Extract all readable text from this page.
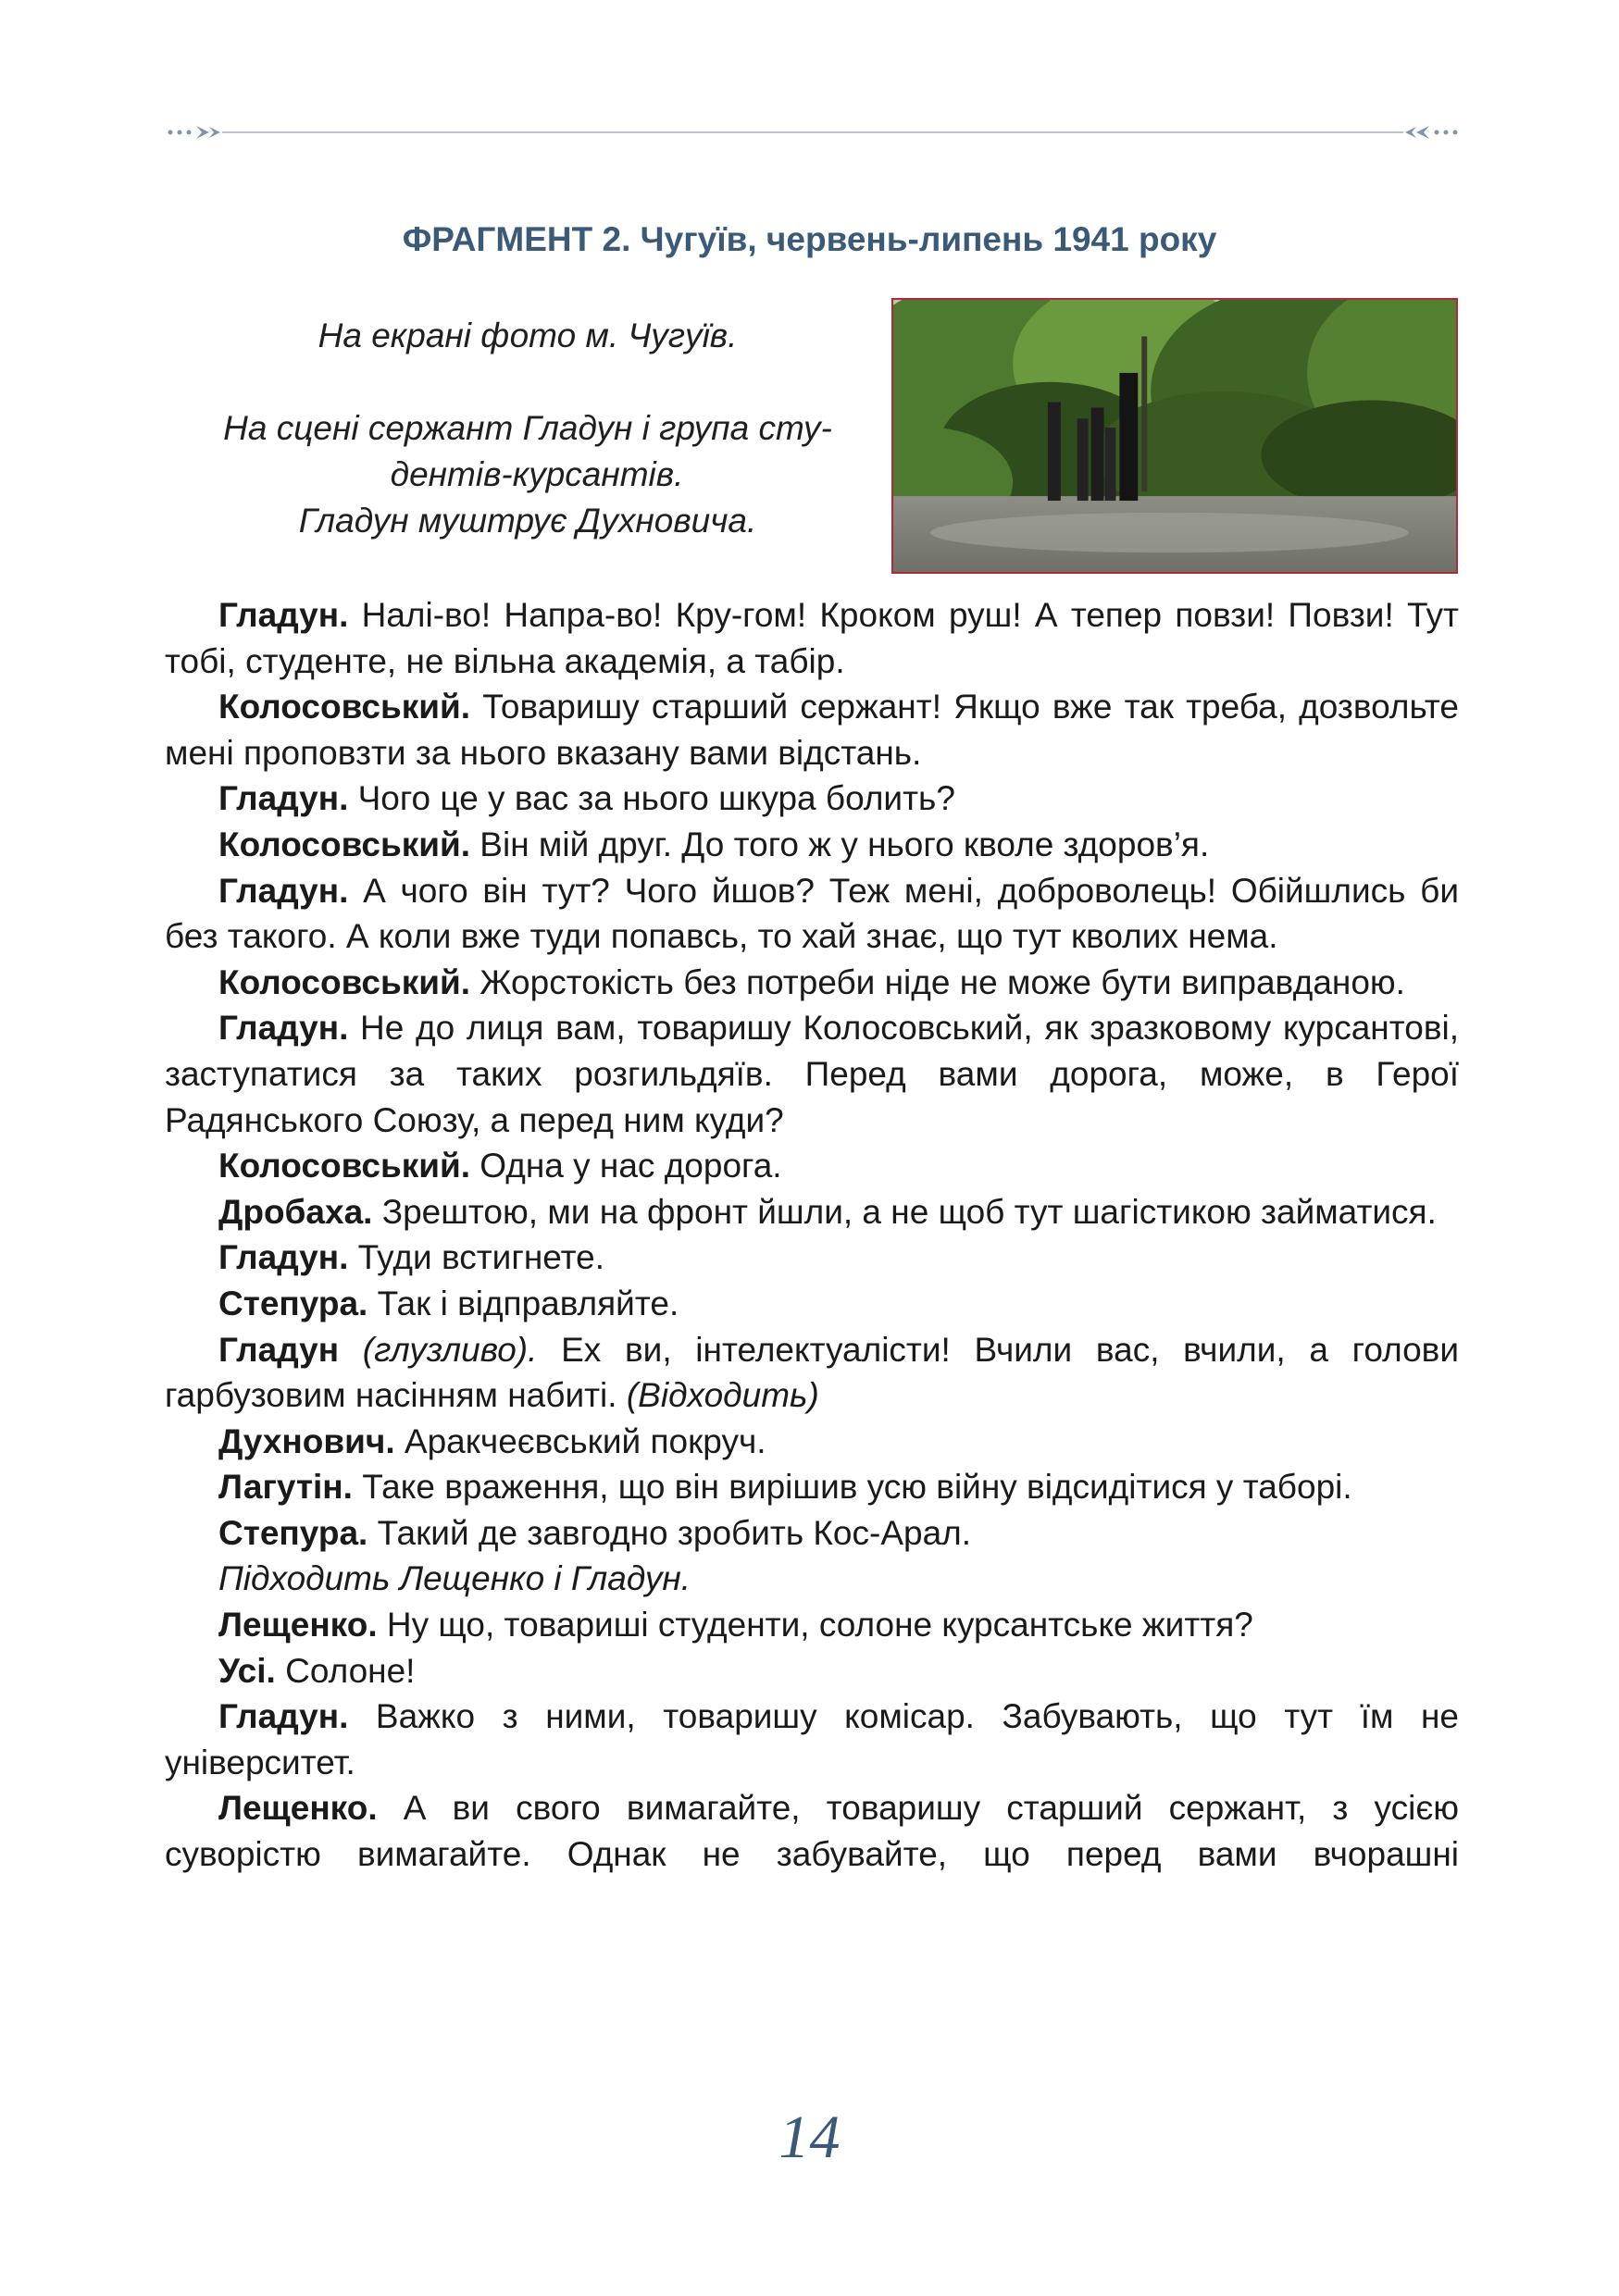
ФРАГМЕНТ 2. Чугуїв, червень-липень 1941 року

На екрані фото м. Чугуїв.

На сцені сержант Гладун і група сту-

дентів-курсантів.

Гладун муштрує Духновича.

Гладун. Налі-во! Напра-во! Кру-гом! Кроком руш! А тепер повзи! Повзи! Тут тобі, студенте, не вільна академія, а табір.

Колосовський. Товаришу старший сержант! Якщо вже так треба, дозвольте мені проповзти за нього вказану вами відстань.

Гладун. Чого це у вас за нього шкура болить?

Колосовський. Він мій друг. До того ж у нього кволе здоров’я.

Гладун. А чого він тут? Чого йшов? Теж мені, доброволець! Обійшлись би без такого. А коли вже туди попавсь, то хай знає, що тут кволих нема.

Колосовський. Жорстокість без потреби ніде не може бути виправданою.

Гладун. Не до лиця вам, товаришу Колосовський, як зразковому курсантові, заступатися за таких розгильдяїв. Перед вами дорога, може, в Герої Радянського Союзу, а перед ним куди?

Колосовський. Одна у нас дорога.

Дробаха. Зрештою, ми на фронт йшли, а не щоб тут шагістикою займатися.

Гладун. Туди встигнете.

Степура. Так і відправляйте.

Гладун (глузливо). Ех ви, інтелектуалісти! Вчили вас, вчили, а голови гарбузовим насінням набиті. (Відходить)

Духнович. Аракчеєвський покруч.

Лагутін. Таке враження, що він вирішив усю війну відсидітися у таборі.

Степура. Такий де завгодно зробить Кос-Арал.

Підходить Лещенко і Гладун.

Лещенко. Ну що, товариші студенти, солоне курсантське життя?

Усі. Солоне!

Гладун. Важко з ними, товаришу комісар. Забувають, що тут їм не університет.

Лещенко. А ви свого вимагайте, товаришу старший сержант, з усією суворістю вимагайте. Однак не забувайте, що перед вами вчорашні

14
